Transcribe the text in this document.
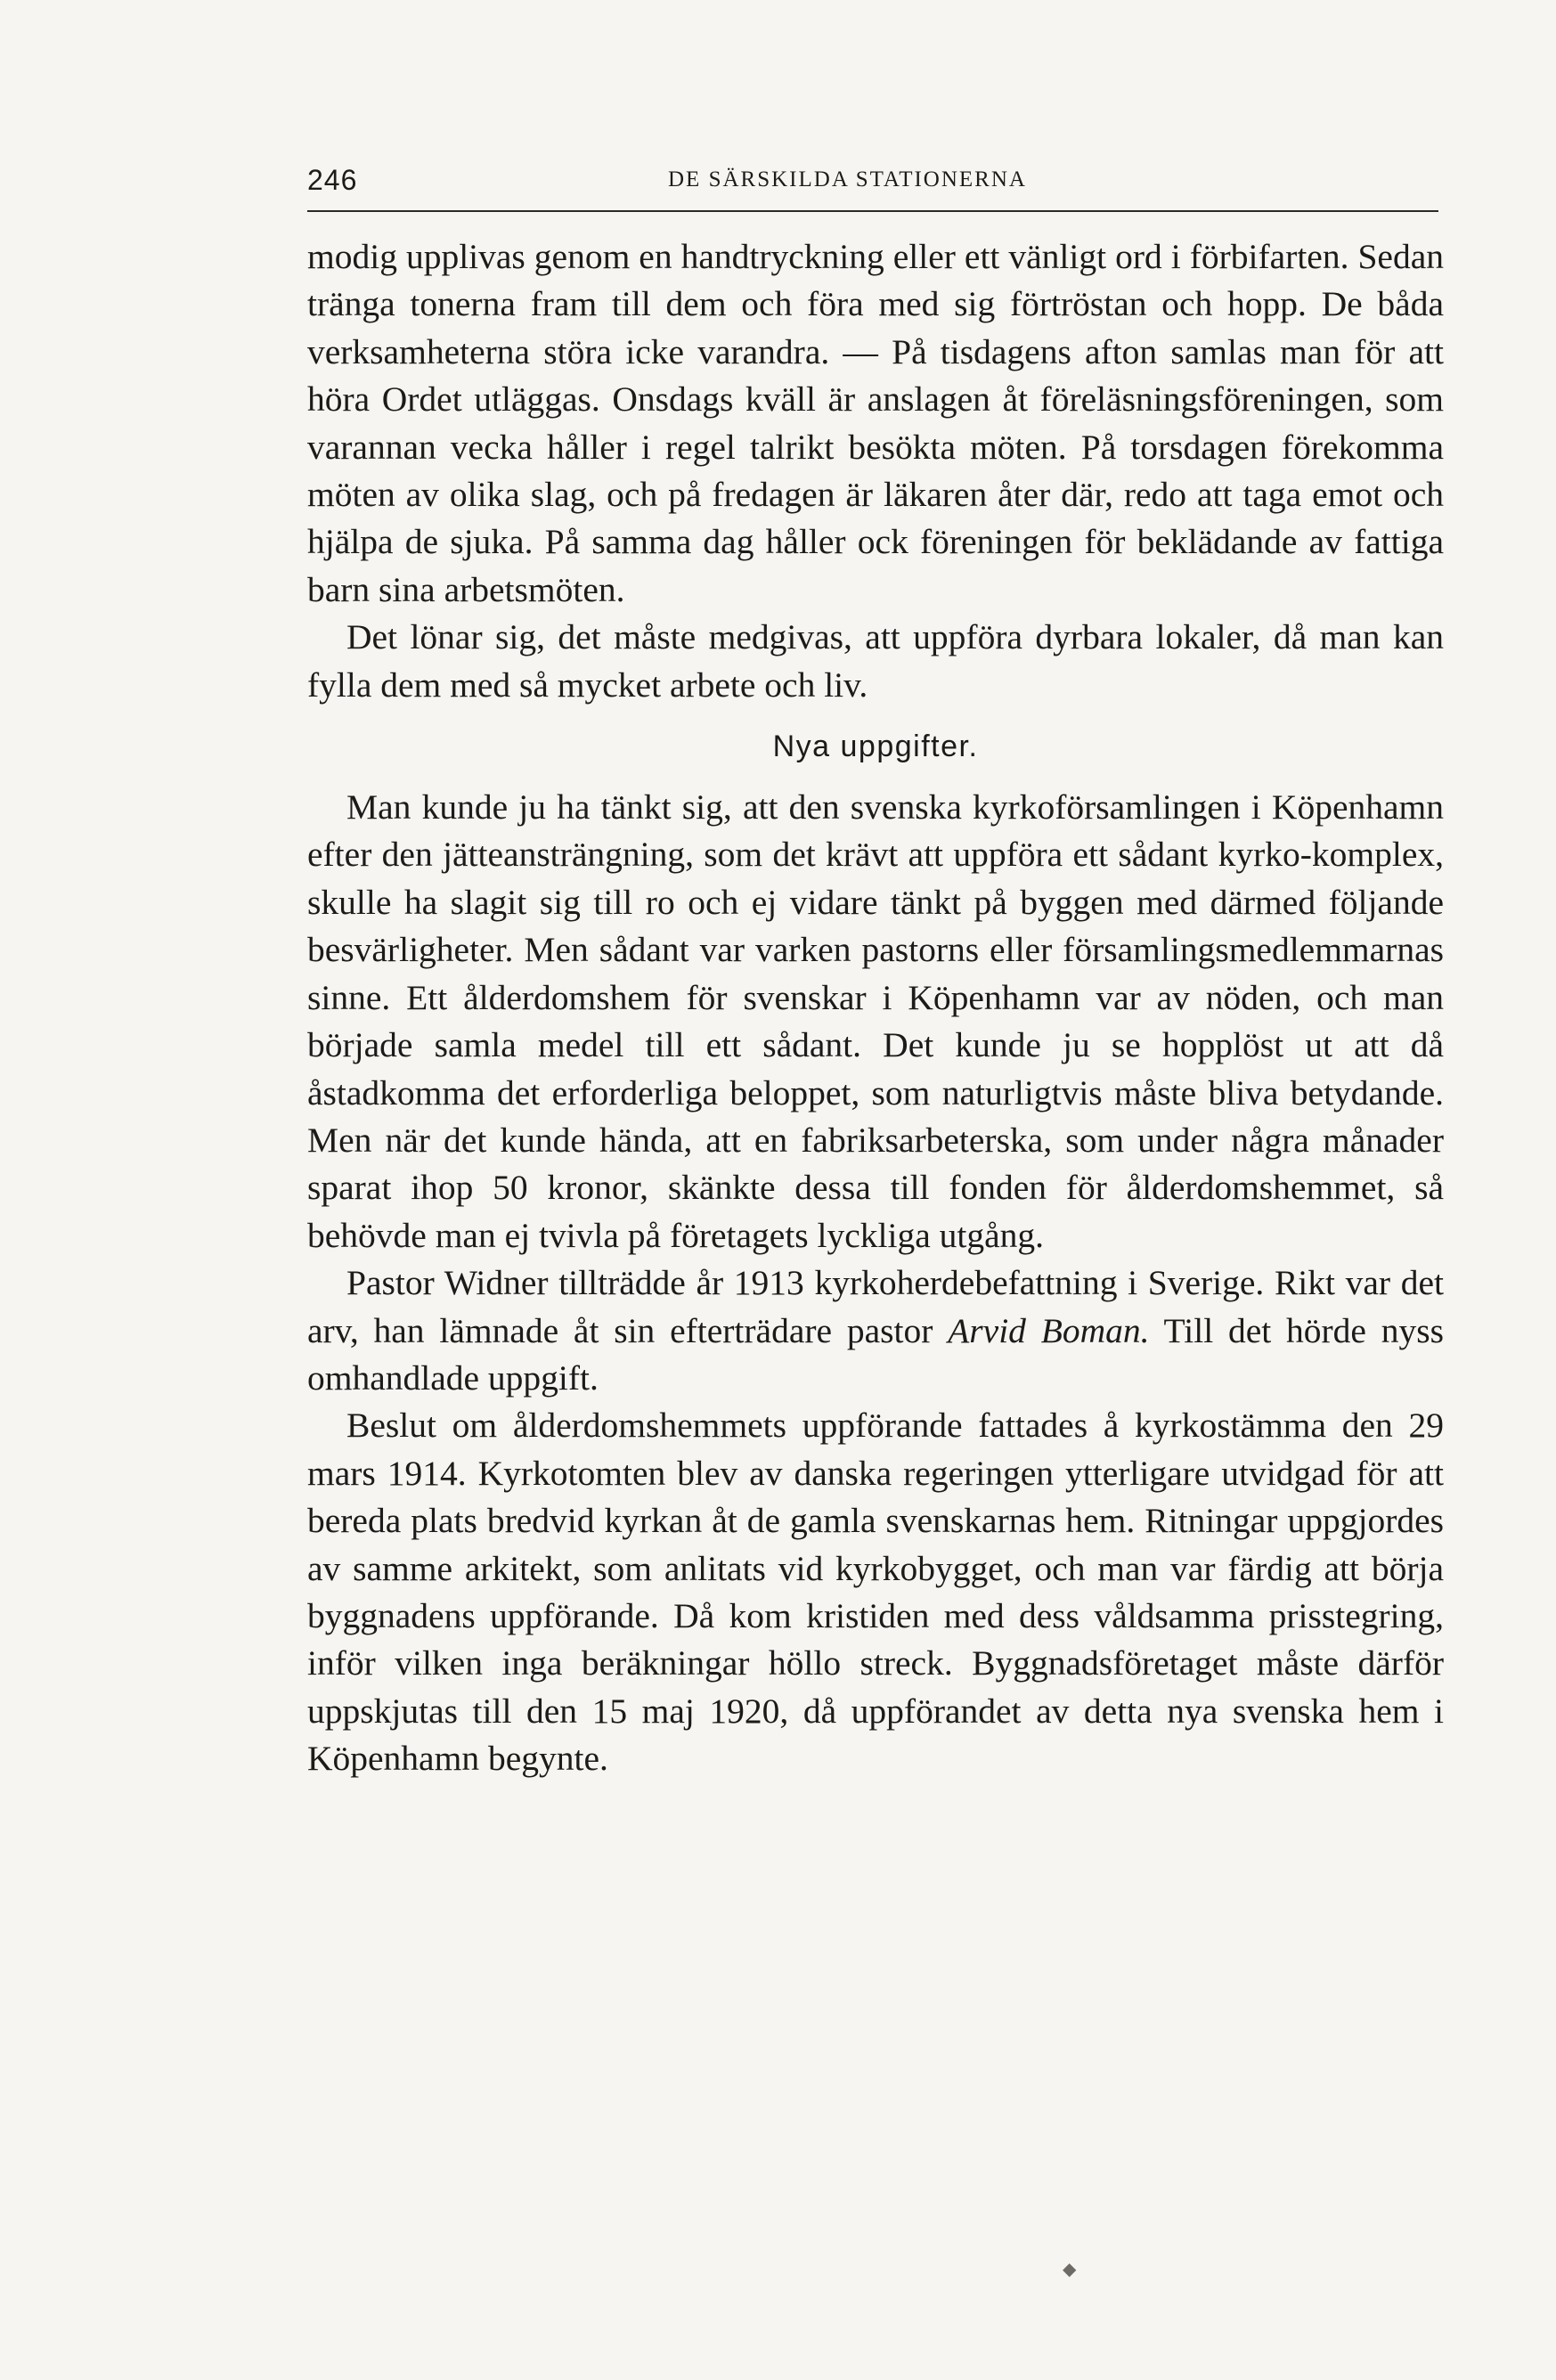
246	DE SÄRSKILDA STATIONERNA

modig upplivas genom en handtryckning eller ett vänligt ord i förbifarten. Sedan tränga tonerna fram till dem och föra med sig förtröstan och hopp. De båda verksamheterna störa icke varandra. — På tisdagens afton samlas man för att höra Ordet utläggas. Onsdags kväll är anslagen åt föreläsningsföreningen, som varannan vecka håller i regel talrikt besökta möten. På torsdagen förekomma möten av olika slag, och på fredagen är läkaren åter där, redo att taga emot och hjälpa de sjuka. På samma dag håller ock föreningen för beklädande av fattiga barn sina arbetsmöten.

Det lönar sig, det måste medgivas, att uppföra dyrbara lokaler, då man kan fylla dem med så mycket arbete och liv.

Nya uppgifter.

Man kunde ju ha tänkt sig, att den svenska kyrkoförsamlingen i Köpenhamn efter den jätteansträngning, som det krävt att uppföra ett sådant kyrko-komplex, skulle ha slagit sig till ro och ej vidare tänkt på byggen med därmed följande besvärligheter. Men sådant var varken pastorns eller församlingsmedlemmarnas sinne. Ett ålderdomshem för svenskar i Köpenhamn var av nöden, och man började samla medel till ett sådant. Det kunde ju se hopplöst ut att då åstadkomma det erforderliga beloppet, som naturligtvis måste bliva betydande. Men när det kunde hända, att en fabriksarbeterska, som under några månader sparat ihop 50 kronor, skänkte dessa till fonden för ålderdomshemmet, så behövde man ej tvivla på företagets lyckliga utgång.

Pastor Widner tillträdde år 1913 kyrkoherdebefattning i Sverige. Rikt var det arv, han lämnade åt sin efterträdare pastor Arvid Boman. Till det hörde nyss omhandlade uppgift.

Beslut om ålderdomshemmets uppförande fattades å kyrkostämma den 29 mars 1914. Kyrkotomten blev av danska regeringen ytterligare utvidgad för att bereda plats bredvid kyrkan åt de gamla svenskarnas hem. Ritningar uppgjordes av samme arkitekt, som anlitats vid kyrkobygget, och man var färdig att börja byggnadens uppförande. Då kom kristiden med dess våldsamma prisstegring, inför vilken inga beräkningar höllo streck. Byggnadsföretaget måste därför uppskjutas till den 15 maj 1920, då uppförandet av detta nya svenska hem i Köpenhamn begynte.

◆
